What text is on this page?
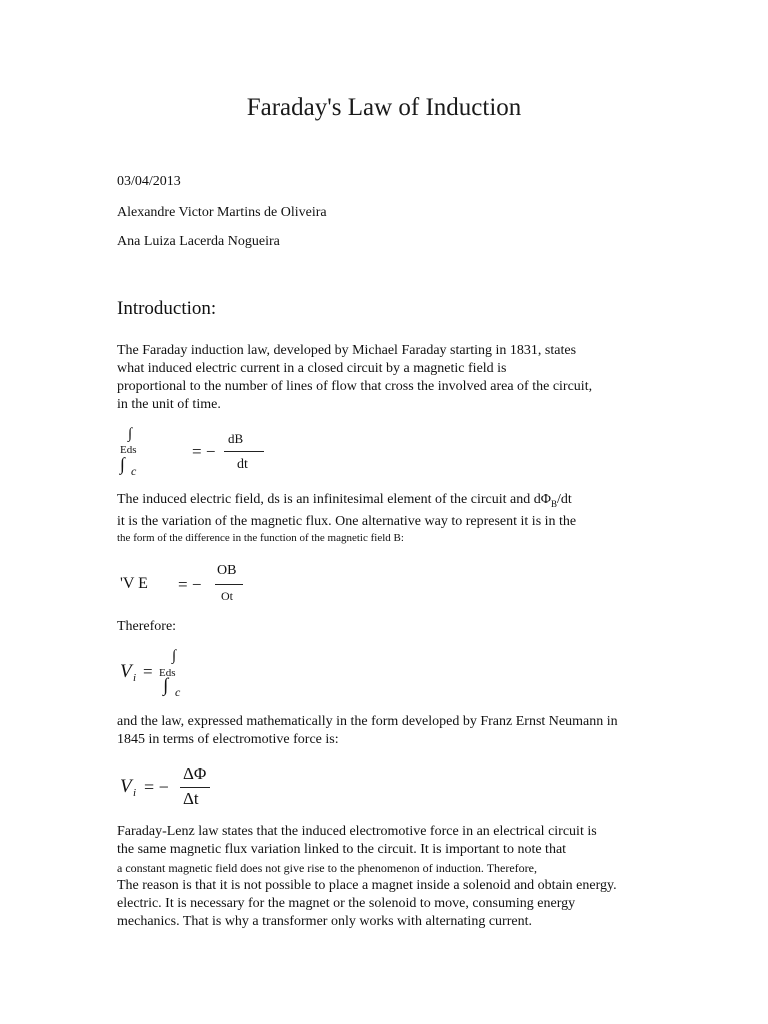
Faraday's Law of Induction
03/04/2013
Alexandre Victor Martins de Oliveira
Ana Luiza Lacerda Nogueira
Introduction:
The Faraday induction law, developed by Michael Faraday starting in 1831, states
what induced electric current in a closed circuit by a magnetic field is
proportional to the number of lines of flow that cross the involved area of the circuit,
in the unit of time.
∫
Eds
∫ c
= −
dB
dt
The induced electric field, ds is an infinitesimal element of the circuit and $d\Phi_B/dt$
it is the variation of the magnetic flux. One alternative way to represent it is in the
the form of the difference in the function of the magnetic field B:
'V E = −
OB
Ot
Therefore:
V i =
∫
Eds
∫ c
and the law, expressed mathematically in the form developed by Franz Ernst Neumann in
1845 in terms of electromotive force is:
V i = −
ΔΦ
Δt
Faraday-Lenz law states that the induced electromotive force in an electrical circuit is
the same magnetic flux variation linked to the circuit. It is important to note that
a constant magnetic field does not give rise to the phenomenon of induction. Therefore,
The reason is that it is not possible to place a magnet inside a solenoid and obtain energy.
electric. It is necessary for the magnet or the solenoid to move, consuming energy
mechanics. That is why a transformer only works with alternating current.
